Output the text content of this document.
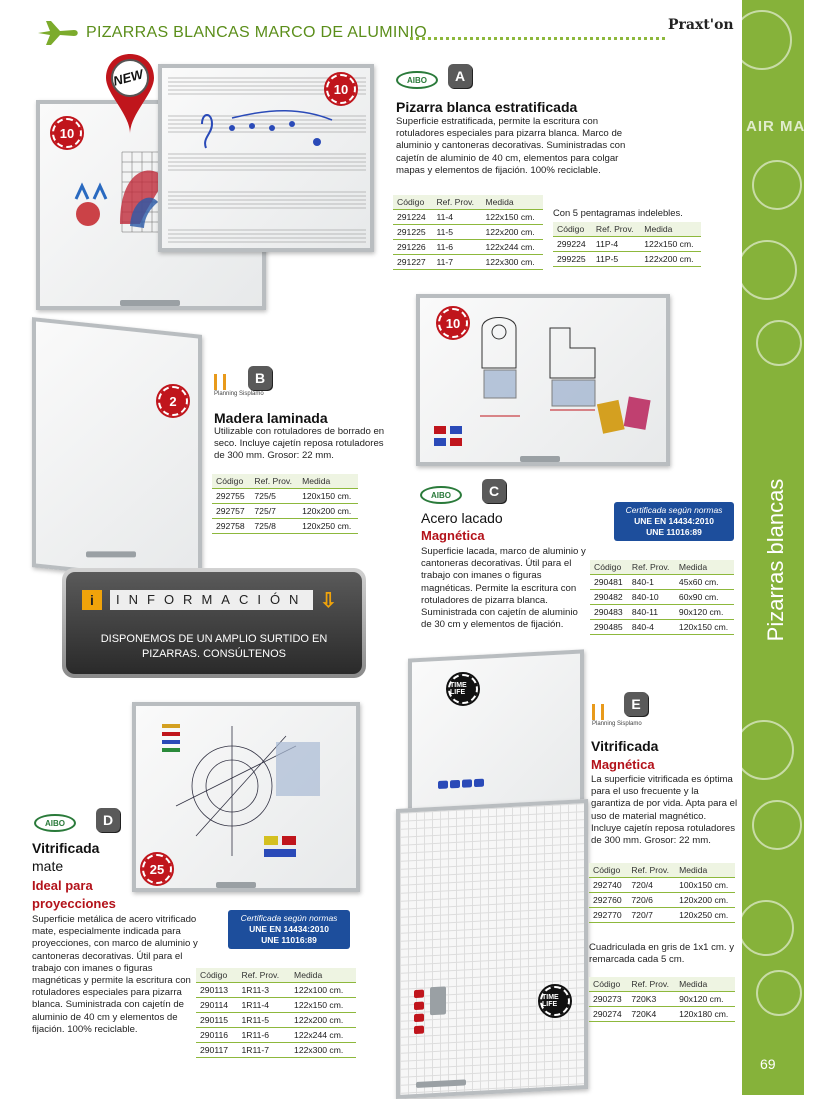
PIZARRAS BLANCAS MARCO DE ALUMINIO	Praxt'on
AIR MAIL
Pizarras blancas
69
10
NEW
10
AIBO	A
Pizarra blanca estratificada
Superficie estratificada, permite la escritura con rotuladores especiales para pizarra blanca. Marco de aluminio y cantoneras decorativas. Suministradas con cajetín de aluminio de 40 cm, elementos para colgar mapas y elementos de fijación. 100% reciclable.
Código	Ref. Prov.	Medida
291224	11-4	122x150 cm.
291225	11-5	122x200 cm.
291226	11-6	122x244 cm.
291227	11-7	122x300 cm.
Con 5 pentagramas indelebles.
Código	Ref. Prov.	Medida
299224	11P-4	122x150 cm.
299225	11P-5	122x200 cm.
2	Planning Sisplamo
B
Madera laminada
Utilizable con rotuladores de borrado en seco. Incluye cajetín reposa rotuladores de 300 mm. Grosor: 22 mm.
Código	Ref. Prov.	Medida
292755	725/5	120x150 cm.
292757	725/7	120x200 cm.
292758	725/8	120x250 cm.
i	INFORMACIÓN ⇩
DISPONEMOS DE UN AMPLIO SURTIDO EN PIZARRAS. CONSÚLTENOS
10
AIBO	C
Acero lacado
Magnética
Superficie lacada, marco de aluminio y cantoneras decorativas. Útil para el trabajo con imanes o figuras magnéticas. Permite la escritura con rotuladores de pizarra blanca. Suministrada con cajetín de aluminio de 30 cm y elementos de fijación.
Certificada según normas
UNE EN 14434:2010
UNE 11016:89
Código	Ref. Prov.	Medida
290481	840-1	45x60 cm.
290482	840-10	60x90 cm.
290483	840-11	90x120 cm.
290485	840-4	120x150 cm.
25
AIBO	D
Vitrificada
mate
Ideal para
proyecciones
Superficie metálica de acero vitrificado mate, especialmente indicada para proyecciones, con marco de aluminio y cantoneras decorativas. Útil para el trabajo con imanes o figuras magnéticas y permite la escritura con rotuladores especiales para pizarra blanca. Suministrada con cajetín de aluminio de 40 cm y elementos de fijación. 100% reciclable.
Certificada según normas
UNE EN 14434:2010
UNE 11016:89
Código	Ref. Prov.	Medida
290113	1R11-3	122x100 cm.
290114	1R11-4	122x150 cm.
290115	1R11-5	122x200 cm.
290116	1R11-6	122x244 cm.
290117	1R11-7	122x300 cm.
TIME LIFE
TIME LIFE
Planning Sisplamo
E
Vitrificada
Magnética
La superficie vitrificada es óptima para el uso frecuente y la garantiza de por vida. Apta para el uso de material magnético. Incluye cajetín reposa rotuladores de 300 mm. Grosor: 22 mm.
Código	Ref. Prov.	Medida
292740	720/4	100x150 cm.
292760	720/6	120x200 cm.
292770	720/7	120x250 cm.
Cuadriculada en gris de 1x1 cm. y remarcada cada 5 cm.
Código	Ref. Prov.	Medida
290273	720K3	90x120 cm.
290274	720K4	120x180 cm.
